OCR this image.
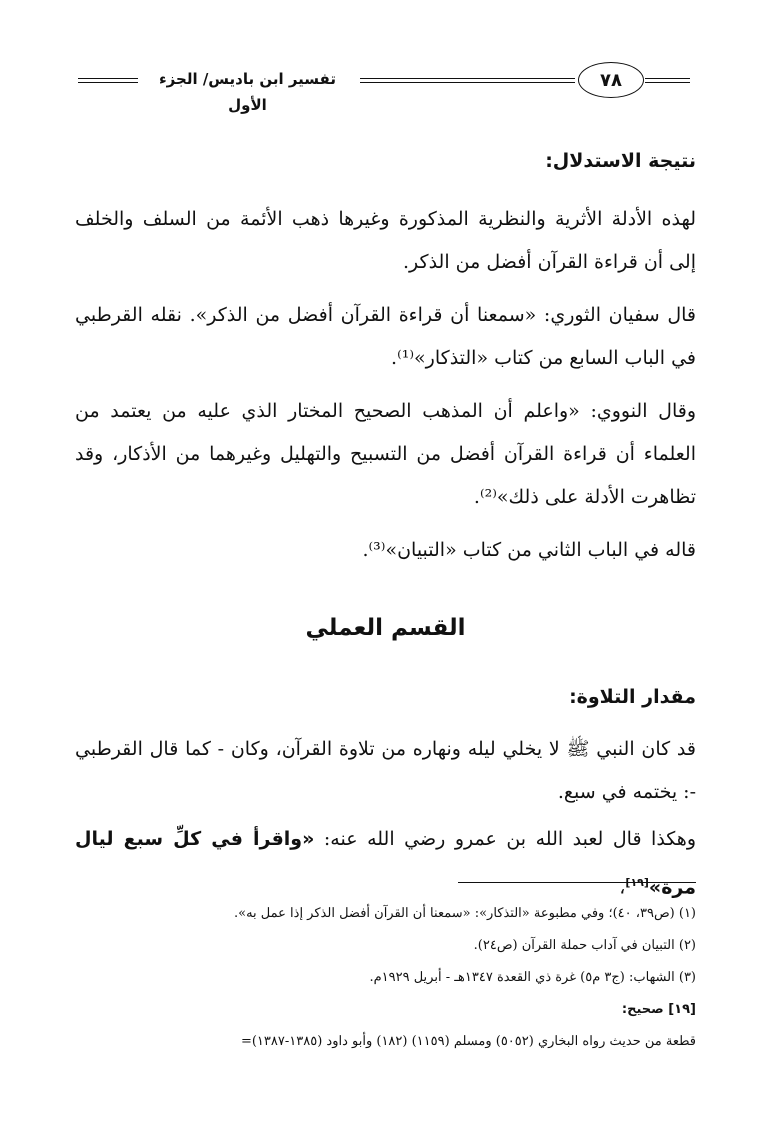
٧٨
تفسير ابن باديس/ الجزء الأول
نتيجة الاستدلال:

لهذه الأدلة الأثرية والنظرية المذكورة وغيرها ذهب الأئمة من السلف والخلف إلى أن قراءة القرآن أفضل من الذكر.

قال سفيان الثوري: «سمعنا أن قراءة القرآن أفضل من الذكر». نقله القرطبي في الباب السابع من كتاب «التذكار»⁽¹⁾.

وقال النووي: «واعلم أن المذهب الصحيح المختار الذي عليه من يعتمد من العلماء أن قراءة القرآن أفضل من التسبيح والتهليل وغيرهما من الأذكار، وقد تظاهرت الأدلة على ذلك»⁽²⁾.

قاله في الباب الثاني من كتاب «التبيان»⁽³⁾.

القسم العملي
مقدار التلاوة:

قد كان النبي ﷺ لا يخلي ليله ونهاره من تلاوة القرآن، وكان - كما قال القرطبي -: يختمه في سبع.

وهكذا قال لعبد الله بن عمرو رضي الله عنه: «واقرأ في كلِّ سبع ليال مرة»[١٩]،

(١) (ص٣٩، ٤٠)؛ وفي مطبوعة «التذكار»: «سمعنا أن القرآن أفضل الذكر إذا عمل به».

(٢) التبيان في آداب حملة القرآن (ص٢٤).

(٣) الشهاب: (ج٣ م٥) غرة ذي القعدة ١٣٤٧هـ - أبريل ١٩٢٩م.

[١٩] صحيح:

قطعة من حديث رواه البخاري (٥٠٥٢) ومسلم (١١٥٩) (١٨٢) وأبو داود (١٣٨٥-١٣٨٧)=
